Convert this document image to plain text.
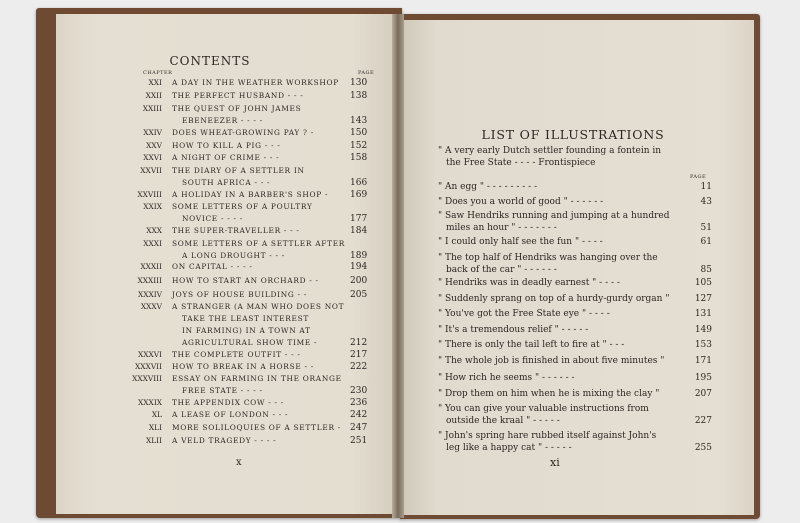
CONTENTS
CHAPTER	PAGE
XXI A DAY IN THE WEATHER WORKSHOP 130
XXII THE PERFECT HUSBAND - - -	138
XXIII THE QUEST OF JOHN JAMES
EBENEEZER - - - -	143
XXIV DOES WHEAT-GROWING PAY ? -	150
XXV HOW TO KILL A PIG - - -	152
XXVI A NIGHT OF CRIME - - -	158
XXVII THE DIARY OF A SETTLER IN
SOUTH AFRICA - - -	166
XXVIII A HOLIDAY IN A BARBER'S SHOP - 169
XXIX SOME LETTERS OF A POULTRY
NOVICE - - - -	177
XXX THE SUPER-TRAVELLER - - -	184
XXXI SOME LETTERS OF A SETTLER AFTER
A LONG DROUGHT - - -	189
XXXII ON CAPITAL - - - -	194
XXXIII HOW TO START AN ORCHARD - -	200
XXXIV JOYS OF HOUSE BUILDING - -	205
XXXV A STRANGER (A MAN WHO DOES NOT
TAKE THE LEAST INTEREST
IN FARMING) IN A TOWN AT
AGRICULTURAL SHOW TIME -	212
XXXVI THE COMPLETE OUTFIT - - -	217
XXXVII HOW TO BREAK IN A HORSE - -	222
XXXVIII ESSAY ON FARMING IN THE ORANGE
FREE STATE - - - -	230
XXXIX THE APPENDIX COW - - -	236
XL A LEASE OF LONDON - - -	242
XLI MORE SOLILOQUIES OF A SETTLER - 247
XLII A VELD TRAGEDY - - - -	251
x
LIST OF ILLUSTRATIONS
PAGE
" A very early Dutch settler founding a fontein in
the Free State - - - - Frontispiece
" An egg " - - - - - - - - -	11
" Does you a world of good " - - - - - -	43
" Saw Hendriks running and jumping at a hundred
miles an hour " - - - - - - -	51
" I could only half see the fun " - - - -	61
" The top half of Hendriks was hanging over the
back of the car " - - - - - -	85
" Hendriks was in deadly earnest " - - - -	105
" Suddenly sprang on top of a hurdy-gurdy organ "	127
" You've got the Free State eye " - - - -	131
" It's a tremendous relief " - - - - -	149
" There is only the tail left to fire at " - - -	153
" The whole job is finished in about five minutes "	171
" How rich he seems " - - - - - -	195
" Drop them on him when he is mixing the clay "	207
" You can give your valuable instructions from
outside the kraal " - - - - -	227
" John's spring hare rubbed itself against John's
leg like a happy cat " - - - - -	255
xi
